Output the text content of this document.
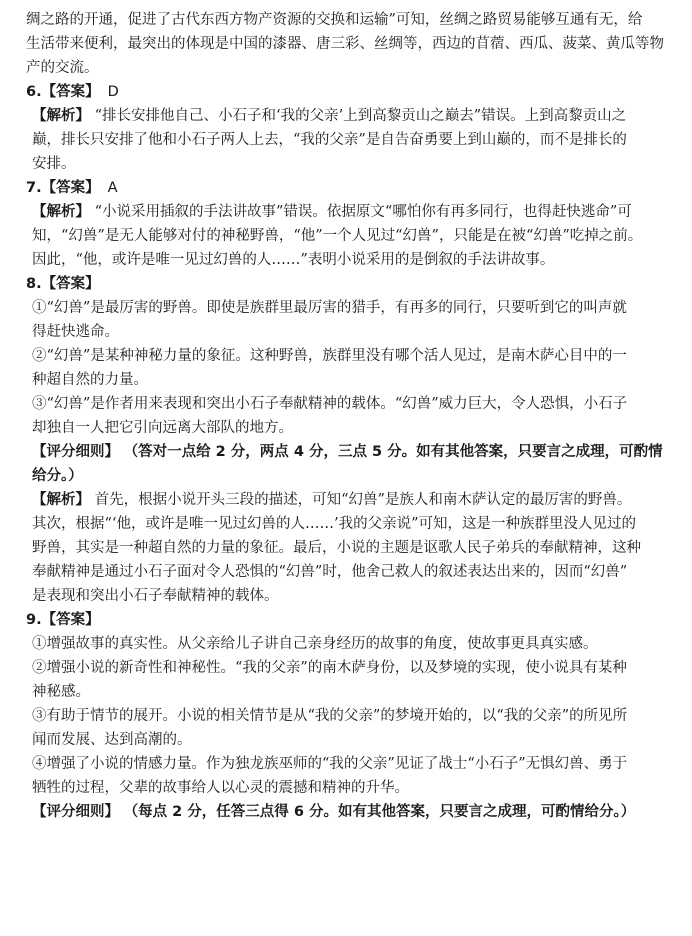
绸之路的开通，促进了古代东西方物产资源的交换和运输”可知，丝绸之路贸易能够互通有无，给

生活带来便利，最突出的体现是中国的漆器、唐三彩、丝绸等，西边的苜蓿、西瓜、菠菜、黄瓜等物

产的交流。

6.【答案】 D

【解析】 “排长安排他自己、小石子和‘我的父亲’上到高黎贡山之巅去”错误。上到高黎贡山之

巅，排长只安排了他和小石子两人上去，“我的父亲”是自告奋勇要上到山巅的，而不是排长的

安排。

7.【答案】 A

【解析】 “小说采用插叙的手法讲故事”错误。依据原文“哪怕你有再多同行，也得赶快逃命”可

知，“幻兽”是无人能够对付的神秘野兽，“他”一个人见过“幻兽”，只能是在被“幻兽”吃掉之前。

因此，“他，或许是唯一见过幻兽的人……”表明小说采用的是倒叙的手法讲故事。

8.【答案】

①“幻兽”是最厉害的野兽。即使是族群里最厉害的猎手，有再多的同行，只要听到它的叫声就

得赶快逃命。

②“幻兽”是某种神秘力量的象征。这种野兽，族群里没有哪个活人见过，是南木萨心目中的一

种超自然的力量。

③“幻兽”是作者用来表现和突出小石子奉献精神的载体。“幻兽”威力巨大，令人恐惧，小石子

却独自一人把它引向远离大部队的地方。

【评分细则】 （答对一点给 2 分，两点 4 分，三点 5 分。如有其他答案，只要言之成理，可酌情

给分。）

【解析】 首先，根据小说开头三段的描述，可知“幻兽”是族人和南木萨认定的最厉害的野兽。

其次，根据“‘他，或许是唯一见过幻兽的人……’我的父亲说”可知，这是一种族群里没人见过的

野兽，其实是一种超自然的力量的象征。最后，小说的主题是讴歌人民子弟兵的奉献精神，这种

奉献精神是通过小石子面对令人恐惧的“幻兽”时，他舍己救人的叙述表达出来的，因而“幻兽”

是表现和突出小石子奉献精神的载体。

9.【答案】

①增强故事的真实性。从父亲给儿子讲自己亲身经历的故事的角度，使故事更具真实感。

②增强小说的新奇性和神秘性。“我的父亲”的南木萨身份，以及梦境的实现，使小说具有某种

神秘感。

③有助于情节的展开。小说的相关情节是从“我的父亲”的梦境开始的，以“我的父亲”的所见所

闻而发展、达到高潮的。

④增强了小说的情感力量。作为独龙族巫师的“我的父亲”见证了战士“小石子”无惧幻兽、勇于

牺牲的过程，父辈的故事给人以心灵的震撼和精神的升华。

【评分细则】 （每点 2 分，任答三点得 6 分。如有其他答案，只要言之成理，可酌情给分。）
